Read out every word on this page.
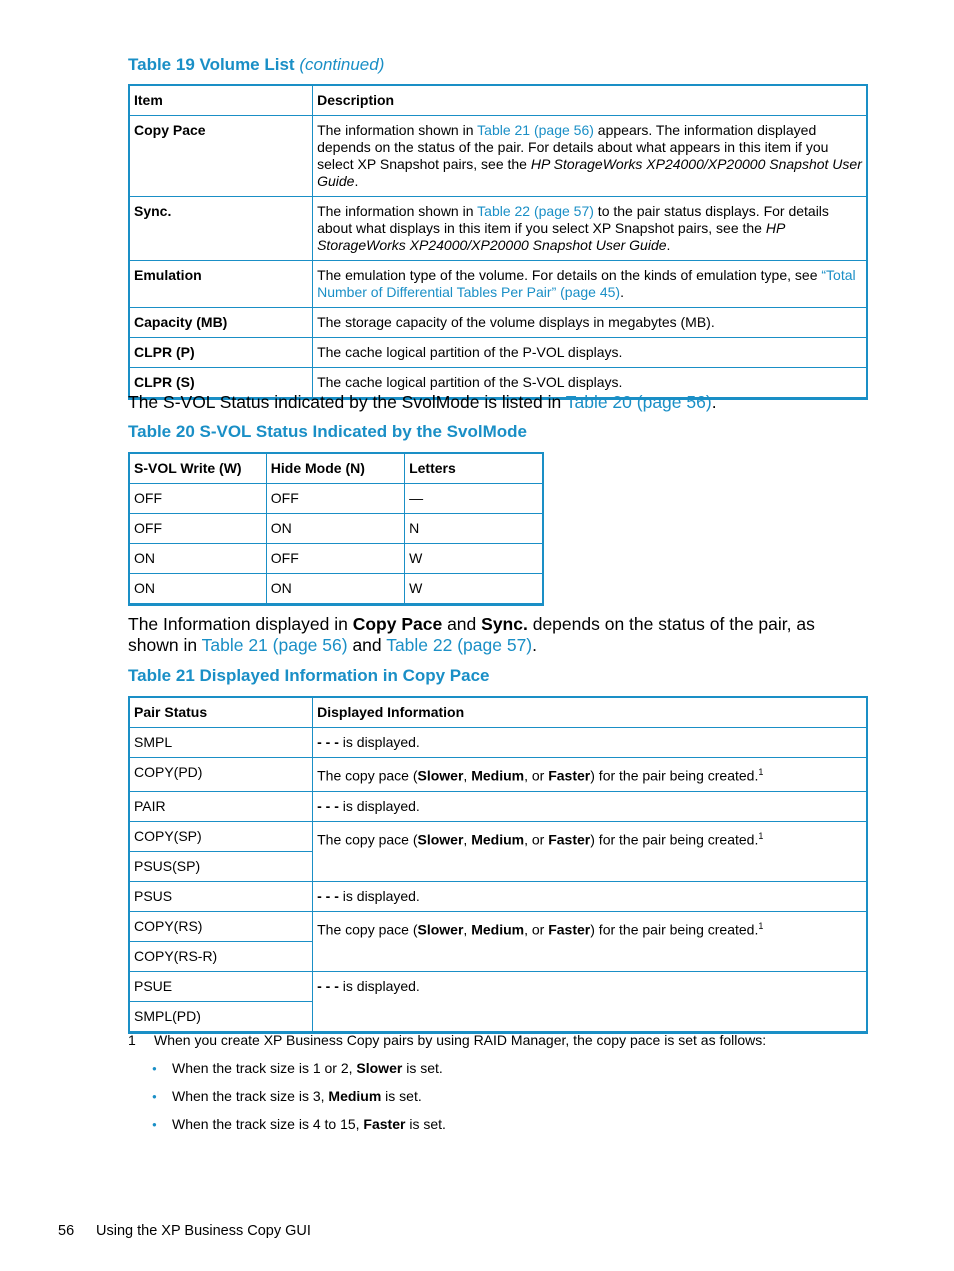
Table 19 Volume List (continued)
Item	Description
Copy Pace	The information shown in Table 21 (page 56) appears. The information displayed depends on the status of the pair. For details about what appears in this item if you select XP Snapshot pairs, see the HP StorageWorks XP24000/XP20000 Snapshot User Guide.
Sync.	The information shown in Table 22 (page 57) to the pair status displays. For details about what displays in this item if you select XP Snapshot pairs, see the HP StorageWorks XP24000/XP20000 Snapshot User Guide.
Emulation	The emulation type of the volume. For details on the kinds of emulation type, see “Total Number of Differential Tables Per Pair” (page 45).
Capacity (MB)	The storage capacity of the volume displays in megabytes (MB).
CLPR (P)	The cache logical partition of the P-VOL displays.
CLPR (S)	The cache logical partition of the S-VOL displays.
The S-VOL Status indicated by the SvolMode is listed in Table 20 (page 56).
Table 20 S-VOL Status Indicated by the SvolMode
S-VOL Write (W)	Hide Mode (N)	Letters
OFF	OFF	—
OFF	ON	N
ON	OFF	W
ON	ON	W
The Information displayed in Copy Pace and Sync. depends on the status of the pair, as shown in Table 21 (page 56) and Table 22 (page 57).
Table 21 Displayed Information in Copy Pace
Pair Status	Displayed Information
SMPL	- - - is displayed.
COPY(PD)	The copy pace (Slower, Medium, or Faster) for the pair being created.$^1$
PAIR	- - - is displayed.
COPY(SP)	The copy pace (Slower, Medium, or Faster) for the pair being created.$^1$
PSUS(SP)	
PSUS	- - - is displayed.
COPY(RS)	The copy pace (Slower, Medium, or Faster) for the pair being created.$^1$
COPY(RS-R)	
PSUE	- - - is displayed.
SMPL(PD)	
1 When you create XP Business Copy pairs by using RAID Manager, the copy pace is set as follows:
● When the track size is 1 or 2, Slower is set.
● When the track size is 3, Medium is set.
● When the track size is 4 to 15, Faster is set.
56 Using the XP Business Copy GUI
